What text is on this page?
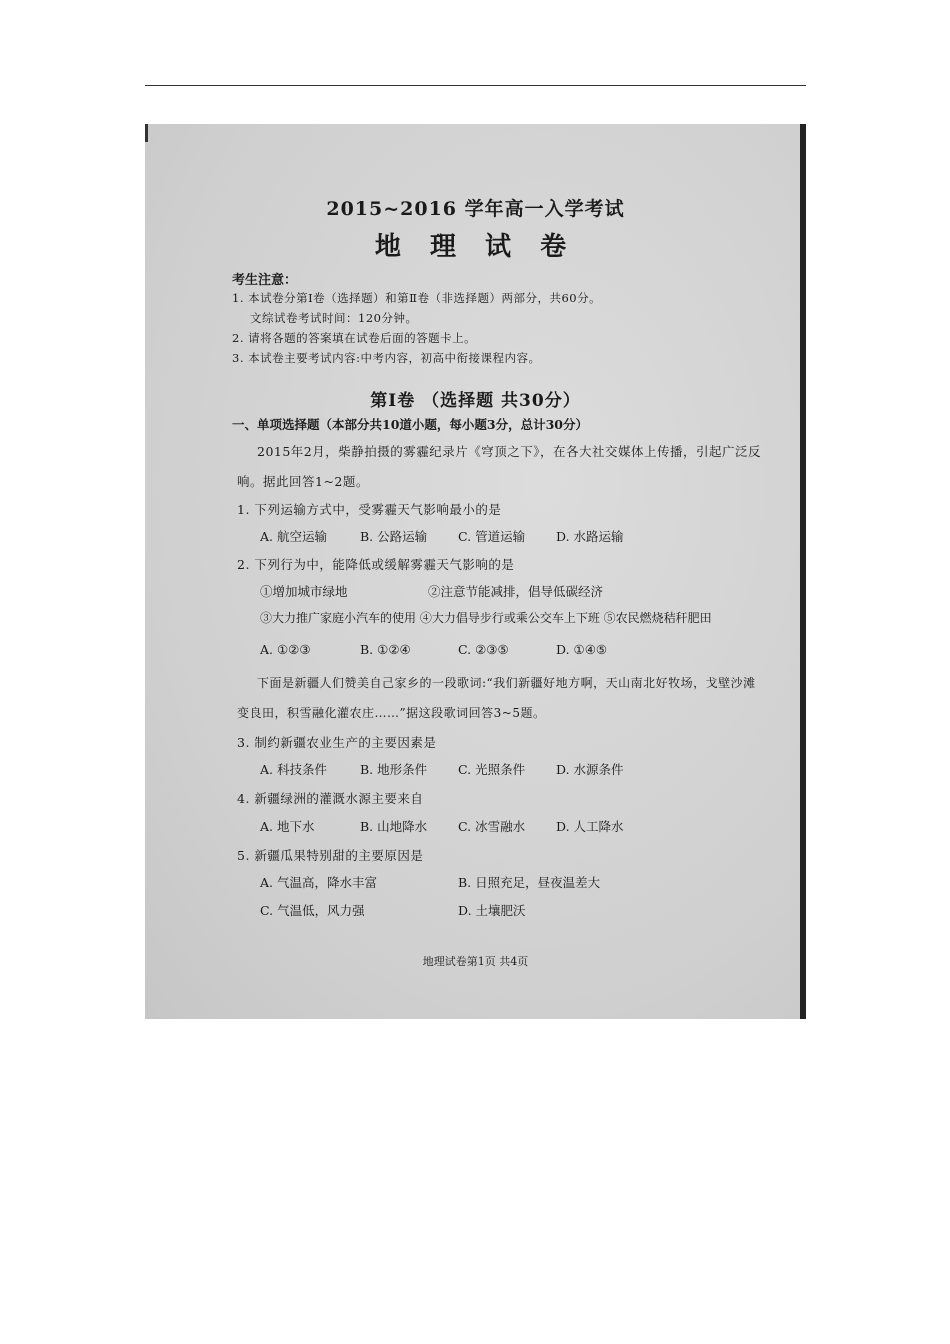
2015~2016 学年高一入学考试
地 理 试 卷
考生注意：
1. 本试卷分第Ⅰ卷（选择题）和第Ⅱ卷（非选择题）两部分，共60分。
文综试卷考试时间：120分钟。
2. 请将各题的答案填在试卷后面的答题卡上。
3. 本试卷主要考试内容:中考内容，初高中衔接课程内容。
第Ⅰ卷 （选择题 共30分）
一、单项选择题（本部分共10道小题，每小题3分，总计30分）
2015年2月，柴静拍摄的雾霾纪录片《穹顶之下》，在各大社交媒体上传播，引起广泛反
响。据此回答1~2题。
1. 下列运输方式中，受雾霾天气影响最小的是
A. 航空运输	B. 公路运输 C. 管道运输 D. 水路运输
2. 下列行为中，能降低或缓解雾霾天气影响的是
①增加城市绿地	②注意节能减排，倡导低碳经济
③大力推广家庭小汽车的使用 ④大力倡导步行或乘公交车上下班 ⑤农民燃烧秸秆肥田
A. ①②③	B. ①②④	C. ②③⑤	D. ①④⑤
下面是新疆人们赞美自己家乡的一段歌词:“我们新疆好地方啊，天山南北好牧场，戈壁沙滩
变良田，积雪融化灌农庄……”据这段歌词回答3~5题。
3. 制约新疆农业生产的主要因素是
A. 科技条件	B. 地形条件 C. 光照条件 D. 水源条件
4. 新疆绿洲的灌溉水源主要来自
A. 地下水	B. 山地降水 C. 冰雪融水 D. 人工降水
5. 新疆瓜果特别甜的主要原因是
A. 气温高，降水丰富	B. 日照充足，昼夜温差大
C. 气温低，风力强	D. 土壤肥沃
地理试卷第1页 共4页
